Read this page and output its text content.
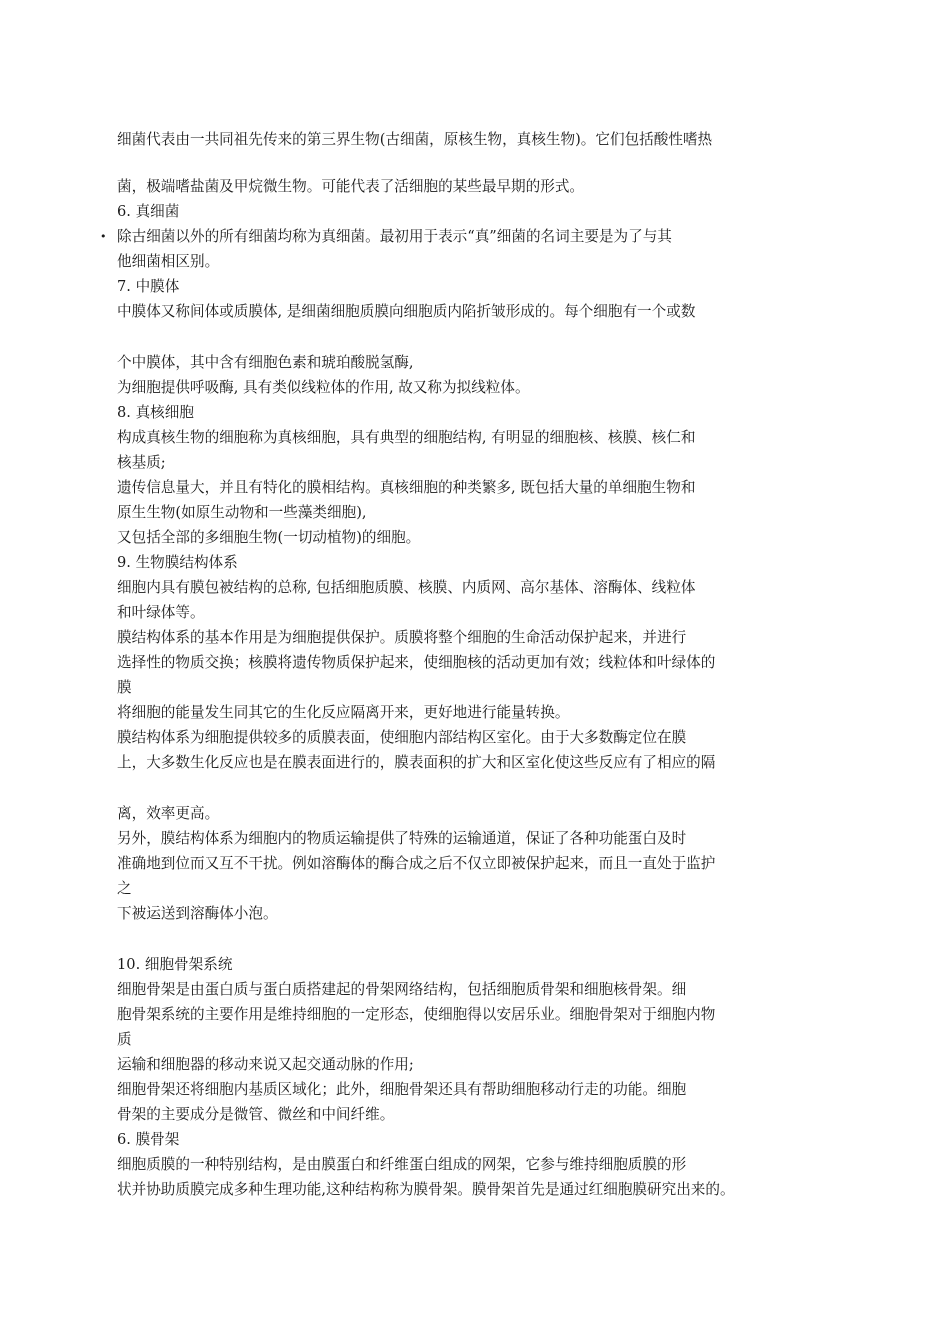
细菌代表由一共同祖先传来的第三界生物(古细菌，原核生物，真核生物)。它们包括酸性嗜热
菌，极端嗜盐菌及甲烷微生物。可能代表了活细胞的某些最早期的形式。
6. 真细菌
• 除古细菌以外的所有细菌均称为真细菌。最初用于表示“真”细菌的名词主要是为了与其
他细菌相区别。
7. 中膜体
中膜体又称间体或质膜体, 是细菌细胞质膜向细胞质内陷折皱形成的。每个细胞有一个或数
个中膜体，其中含有细胞色素和琥珀酸脱氢酶,
为细胞提供呼吸酶, 具有类似线粒体的作用, 故又称为拟线粒体。
8. 真核细胞
构成真核生物的细胞称为真核细胞，具有典型的细胞结构, 有明显的细胞核、核膜、核仁和
核基质;
遗传信息量大，并且有特化的膜相结构。真核细胞的种类繁多, 既包括大量的单细胞生物和
原生生物(如原生动物和一些藻类细胞),
又包括全部的多细胞生物(一切动植物)的细胞。
9. 生物膜结构体系
细胞内具有膜包被结构的总称, 包括细胞质膜、核膜、内质网、高尔基体、溶酶体、线粒体
和叶绿体等。
膜结构体系的基本作用是为细胞提供保护。质膜将整个细胞的生命活动保护起来，并进行
选择性的物质交换；核膜将遗传物质保护起来，使细胞核的活动更加有效；线粒体和叶绿体的
膜
将细胞的能量发生同其它的生化反应隔离开来，更好地进行能量转换。
膜结构体系为细胞提供较多的质膜表面，使细胞内部结构区室化。由于大多数酶定位在膜
上，大多数生化反应也是在膜表面进行的，膜表面积的扩大和区室化使这些反应有了相应的隔
离，效率更高。
另外，膜结构体系为细胞内的物质运输提供了特殊的运输通道，保证了各种功能蛋白及时
准确地到位而又互不干扰。例如溶酶体的酶合成之后不仅立即被保护起来，而且一直处于监护
之
下被运送到溶酶体小泡。
10. 细胞骨架系统
细胞骨架是由蛋白质与蛋白质搭建起的骨架网络结构，包括细胞质骨架和细胞核骨架。细
胞骨架系统的主要作用是维持细胞的一定形态，使细胞得以安居乐业。细胞骨架对于细胞内物
质
运输和细胞器的移动来说又起交通动脉的作用;
细胞骨架还将细胞内基质区域化；此外，细胞骨架还具有帮助细胞移动行走的功能。细胞
骨架的主要成分是微管、微丝和中间纤维。
6. 膜骨架
细胞质膜的一种特别结构，是由膜蛋白和纤维蛋白组成的网架，它参与维持细胞质膜的形
状并协助质膜完成多种生理功能,这种结构称为膜骨架。膜骨架首先是通过红细胞膜研究出来的。
